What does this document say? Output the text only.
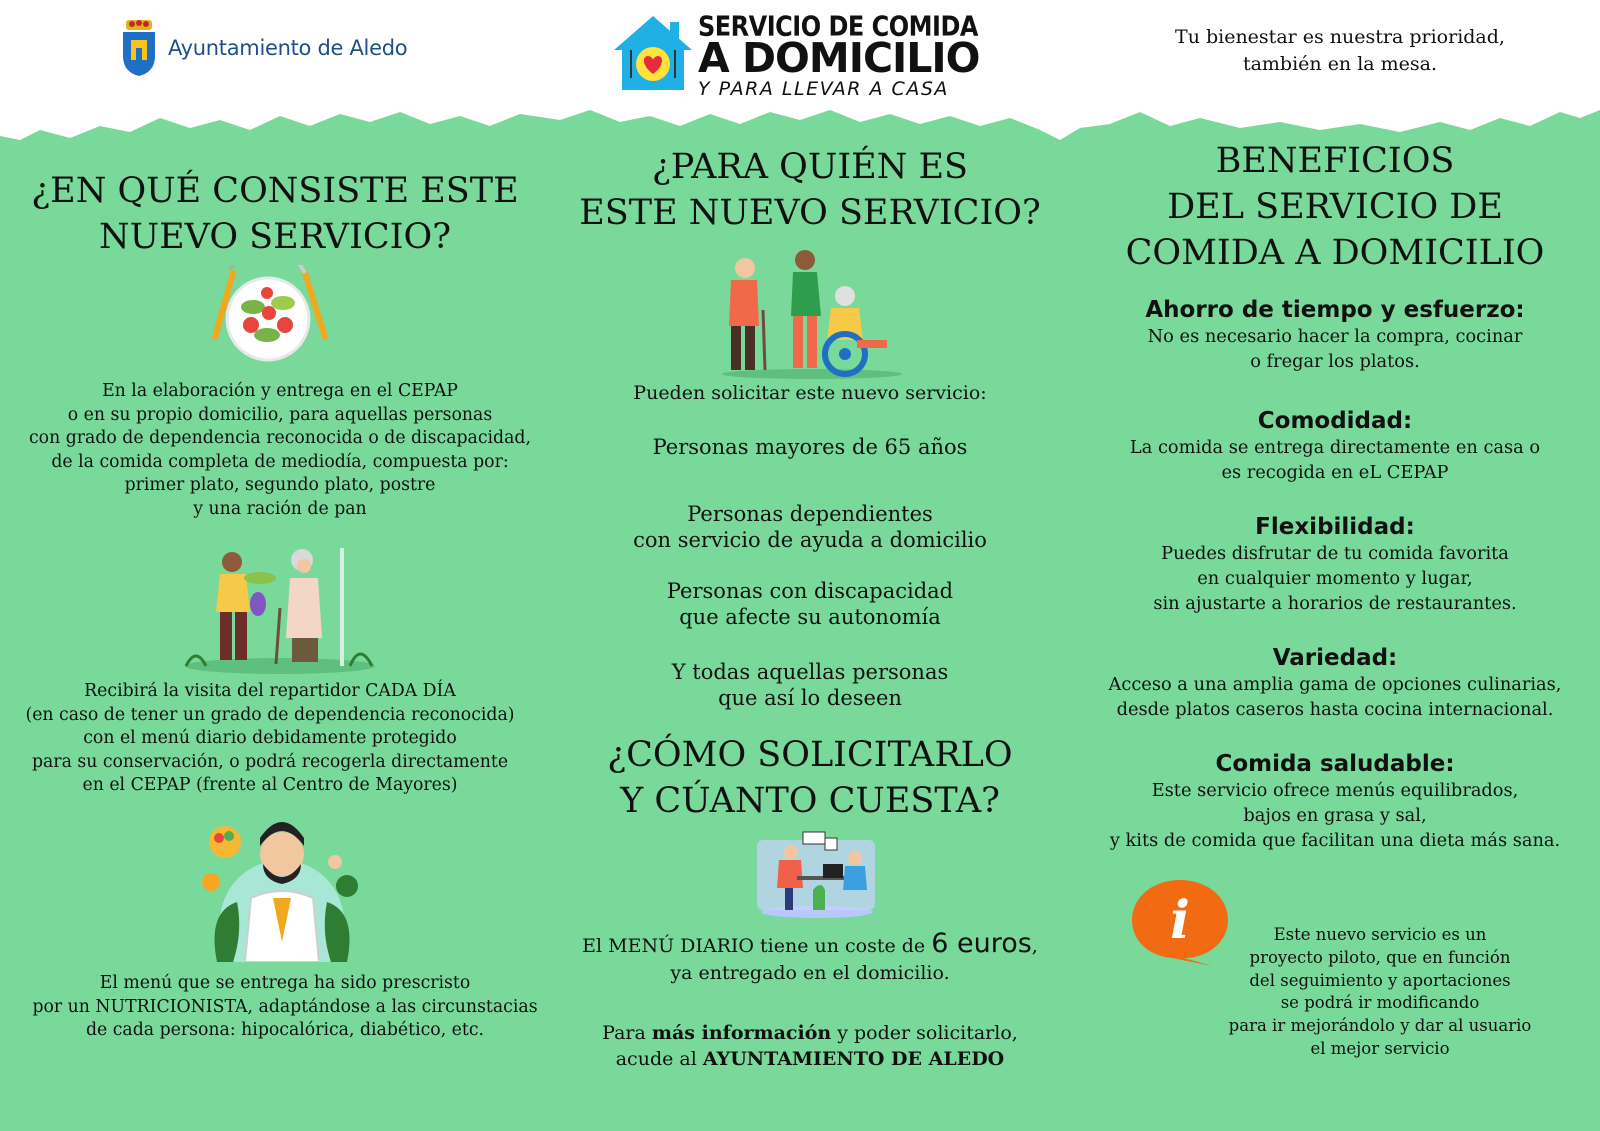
Ayuntamiento de Aledo
SERVICIO DE COMIDA
A DOMICILIO
Y PARA LLEVAR A CASA
Tu bienestar es nuestra prioridad,
también en la mesa.
¿EN QUÉ CONSISTE ESTE
NUEVO SERVICIO?

En la elaboración y entrega en el CEPAP

o en su propio domicilio, para aquellas personas

con grado de dependencia reconocida o de discapacidad,

de la comida completa de mediodía, compuesta por:

primer plato, segundo plato, postre

y una ración de pan

Recibirá la visita del repartidor CADA DÍA

(en caso de tener un grado de dependencia reconocida)

con el menú diario debidamente protegido

para su conservación, o podrá recogerla directamente

en el CEPAP (frente al Centro de Mayores)

El menú que se entrega ha sido prescristo

por un NUTRICIONISTA, adaptándose a las circunstacias

de cada persona: hipocalórica, diabético, etc.

¿PARA QUIÉN ES
ESTE NUEVO SERVICIO?

Pueden solicitar este nuevo servicio:

Personas mayores de 65 años

Personas dependientes

con servicio de ayuda a domicilio

Personas con discapacidad

que afecte su autonomía

Y todas aquellas personas

que así lo deseen

¿CÓMO SOLICITARLO
Y CÚANTO CUESTA?

El MENÚ DIARIO tiene un coste de 6 euros,

ya entregado en el domicilio.

Para más información y poder solicitarlo,

acude al AYUNTAMIENTO DE ALEDO

BENEFICIOS
DEL SERVICIO DE
COMIDA A DOMICILIO

Ahorro de tiempo y esfuerzo:

No es necesario hacer la compra, cocinar

o fregar los platos.

Comodidad:

La comida se entrega directamente en casa o

es recogida en eL CEPAP

Flexibilidad:

Puedes disfrutar de tu comida favorita

en cualquier momento y lugar,

sin ajustarte a horarios de restaurantes.

Variedad:

Acceso a una amplia gama de opciones culinarias,

desde platos caseros hasta cocina internacional.

Comida saludable:

Este servicio ofrece menús equilibrados,

bajos en grasa y sal,

y kits de comida que facilitan una dieta más sana.

i	Este nuevo servicio es un

proyecto piloto, que en función

del seguimiento y aportaciones

se podrá ir modificando

para ir mejorándolo y dar al usuario

el mejor servicio
